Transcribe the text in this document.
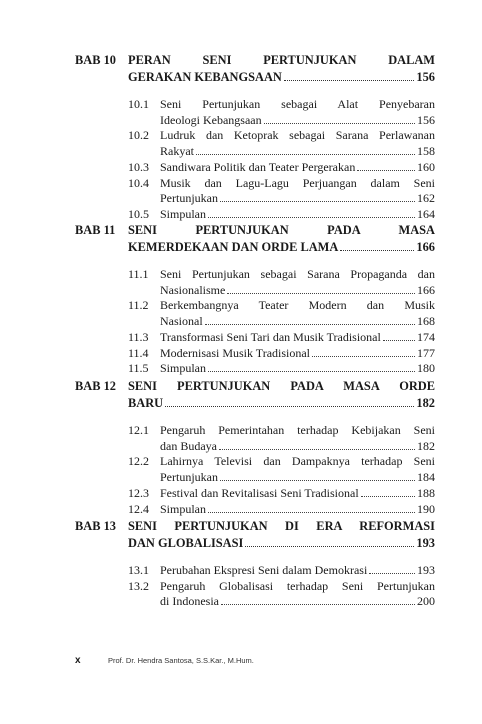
BAB 10 PERAN SENI PERTUNJUKAN DALAM
GERAKAN KEBANGSAAN	156
10.1 Seni Pertunjukan sebagai Alat Penyebaran
Ideologi Kebangsaan	156
10.2 Ludruk dan Ketoprak sebagai Sarana Perlawanan
Rakyat	158
10.3 Sandiwara Politik dan Teater Pergerakan	160
10.4 Musik dan Lagu-Lagu Perjuangan dalam Seni
Pertunjukan	162
10.5 Simpulan	164
BAB 11	SENI PERTUNJUKAN PADA MASA
KEMERDEKAAN DAN ORDE LAMA	166
11.1 Seni Pertunjukan sebagai Sarana Propaganda dan
Nasionalisme	166
11.2 Berkembangnya Teater Modern dan Musik
Nasional	168
11.3 Transformasi Seni Tari dan Musik Tradisional	174
11.4 Modernisasi Musik Tradisional	177
11.5 Simpulan	180
BAB 12 SENI PERTUNJUKAN PADA MASA ORDE
BARU	182
12.1 Pengaruh Pemerintahan terhadap Kebijakan Seni
dan Budaya	182
12.2 Lahirnya Televisi dan Dampaknya terhadap Seni
Pertunjukan	184
12.3 Festival dan Revitalisasi Seni Tradisional	188
12.4 Simpulan	190
BAB 13 SENI PERTUNJUKAN DI ERA REFORMASI
DAN GLOBALISASI	193
13.1 Perubahan Ekspresi Seni dalam Demokrasi	193
13.2 Pengaruh Globalisasi terhadap Seni Pertunjukan
di Indonesia	200
x	Prof. Dr. Hendra Santosa, S.S.Kar., M.Hum.
